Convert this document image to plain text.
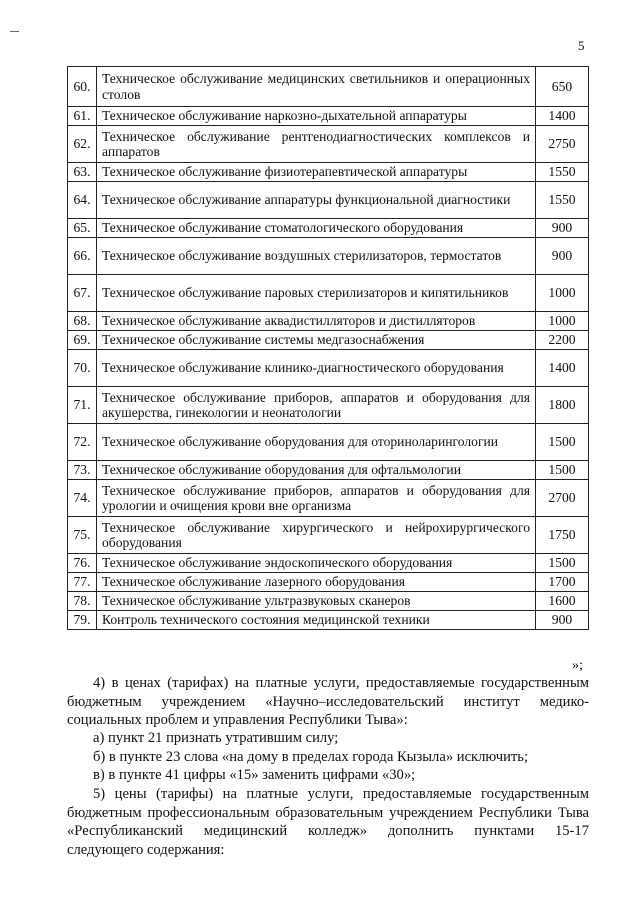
5
60.	Техническое обслуживание медицинских светильников и операционных столов	650
61.	Техническое обслуживание наркозно-дыхательной аппаратуры	1400
62.	Техническое обслуживание рентгенодиагностических комплексов и аппаратов	2750
63.	Техническое обслуживание физиотерапевтической аппаратуры	1550
64.	Техническое обслуживание аппаратуры функциональной диагностики	1550
65.	Техническое обслуживание стоматологического оборудования	900
66.	Техническое обслуживание воздушных стерилизаторов, термостатов	900
67.	Техническое обслуживание паровых стерилизаторов и кипятильников	1000
68.	Техническое обслуживание аквадистилляторов и дистилляторов	1000
69.	Техническое обслуживание системы медгазоснабжения	2200
70.	Техническое обслуживание клинико-диагностического оборудования	1400
71.	Техническое обслуживание приборов, аппаратов и оборудования для акушерства, гинекологии и неонатологии	1800
72.	Техническое обслуживание оборудования для оториноларингологии	1500
73.	Техническое обслуживание оборудования для офтальмологии	1500
74.	Техническое обслуживание приборов, аппаратов и оборудования для урологии и очищения крови вне организма	2700
75.	Техническое обслуживание хирургического и нейрохирургического оборудования	1750
76.	Техническое обслуживание эндоскопического оборудования	1500
77.	Техническое обслуживание лазерного оборудования	1700
78.	Техническое обслуживание ультразвуковых сканеров	1600
79.	Контроль технического состояния медицинской техники	900
»;
4) в ценах (тарифах) на платные услуги, предоставляемые государственным
бюджетным учреждением «Научно–исследовательский институт медико-
социальных проблем и управления Республики Тыва»:
а) пункт 21 признать утратившим силу;
б) в пункте 23 слова «на дому в пределах города Кызыла» исключить;
в) в пункте 41 цифры «15» заменить цифрами «30»;
5) цены (тарифы) на платные услуги, предоставляемые государственным
бюджетным профессиональным образовательным учреждением Республики Тыва
«Республиканский медицинский колледж» дополнить пунктами 15-17
следующего содержания:
